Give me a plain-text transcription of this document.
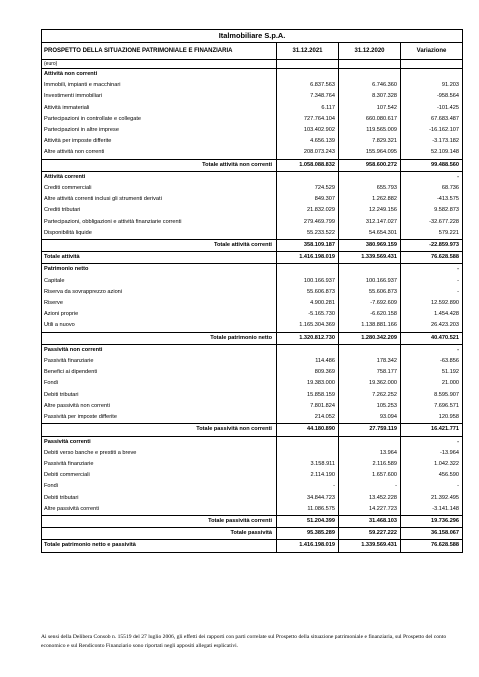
Italmobiliare S.p.A.			
PROSPETTO DELLA SITUAZIONE PATRIMONIALE E FINANZIARIA	31.12.2021	31.12.2020	Variazione
(euro)			
Attività non correnti			
Immobili, impianti e macchinari	6.837.563	6.746.360	91.203
Investimenti immobiliari	7.348.764	8.307.328	-958.564
Attività immateriali	6.117	107.542	-101.425
Partecipazioni in controllate e collegate	727.764.104	660.080.617	67.683.487
Partecipazioni in altre imprese	103.402.902	119.565.009	-16.162.107
Attività per imposte differite	4.656.139	7.829.321	-3.173.182
Altre attività non correnti	208.073.243	155.964.095	52.109.148
Totale attività non correnti	1.058.088.832	958.600.272	99.488.560
Attività correnti			-
Crediti commerciali	724.529	655.793	68.736
Altre attività correnti inclusi gli strumenti derivati	849.307	1.262.882	-413.575
Crediti tributari	21.832.029	12.249.156	9.582.873
Partecipazioni, obbligazioni e attività finanziarie correnti	279.469.799	312.147.027	-32.677.228
Disponibilità liquide	55.233.522	54.654.301	579.221
Totale attività correnti	358.109.187	380.969.159	-22.859.973
Totale attività	1.416.198.019	1.339.569.431	76.628.588
Patrimonio netto			-
Capitale	100.166.937	100.166.937	-
Riserva da sovrapprezzo azioni	55.606.873	55.606.873	-
Riserve	4.900.281	-7.692.609	12.592.890
Azioni proprie	-5.165.730	-6.620.158	1.454.428
Utili a nuovo	1.165.304.369	1.138.881.166	26.423.203
Totale patrimonio netto	1.320.812.730	1.280.342.209	40.470.521
Passività non correnti			-
Passività finanziarie	114.486	178.342	-63.856
Benefici ai dipendenti	809.369	758.177	51.192
Fondi	19.383.000	19.362.000	21.000
Debiti tributari	15.858.159	7.262.252	8.595.907
Altre passività non correnti	7.801.824	105.253	7.696.571
Passività per imposte differite	214.052	93.094	120.958
Totale passività non correnti	44.180.890	27.759.119	16.421.771
Passività correnti			-
Debiti verso banche e prestiti a breve		13.964	-13.964
Passività finanziarie	3.158.911	2.116.589	1.042.322
Debiti commerciali	2.114.190	1.657.600	456.590
Fondi	-	-	-
Debiti tributari	34.844.723	13.452.228	21.392.495
Altre passività correnti	11.086.575	14.227.723	-3.141.148
Totale passività correnti	51.204.399	31.468.103	19.736.296
Totale passività	95.385.289	59.227.222	36.158.067
Totale patrimonio netto e passività	1.416.198.019	1.339.569.431	76.628.588
Ai sensi della Delibera Consob n. 15519 del 27 luglio 2006, gli effetti dei rapporti con parti correlate sul Prospetto della situazione patrimoniale e finanziaria, sul Prospetto del conto economico e sul Rendiconto Finanziario sono riportati negli appositi allegati esplicativi.
